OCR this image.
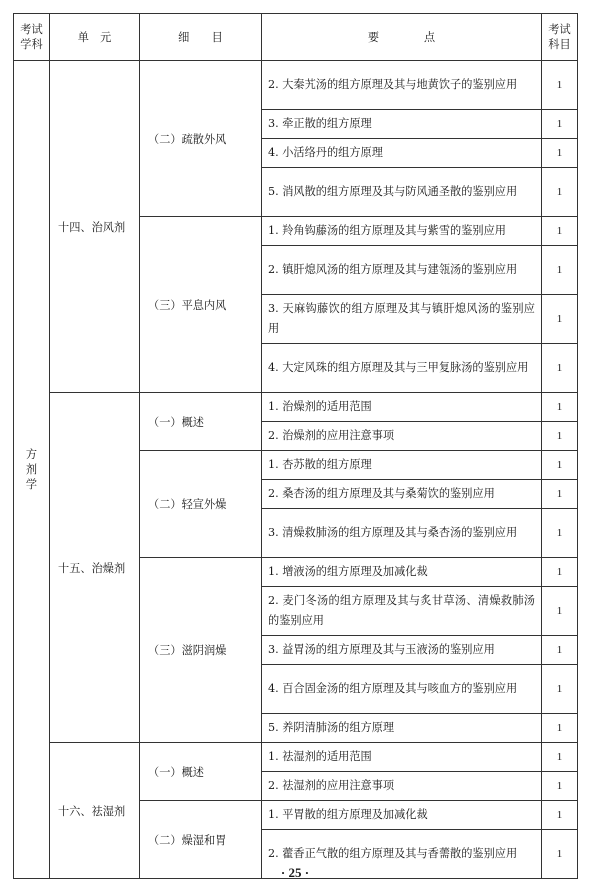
考试学科	单　元	细　　目	要　　　　点	考试科目
方剂学	十四、治风剂	（二）疏散外风	2. 大秦艽汤的组方原理及其与地黄饮子的鉴别应用	1
			3. 牵正散的组方原理	1
			4. 小活络丹的组方原理	1
			5. 消风散的组方原理及其与防风通圣散的鉴别应用	1
		（三）平息内风	1. 羚角钩藤汤的组方原理及其与紫雪的鉴别应用	1
			2. 镇肝熄风汤的组方原理及其与建瓴汤的鉴别应用	1
			3. 天麻钩藤饮的组方原理及其与镇肝熄风汤的鉴别应用	1
			4. 大定风珠的组方原理及其与三甲复脉汤的鉴别应用	1
	十五、治燥剂	（一）概述	1. 治燥剂的适用范围	1
			2. 治燥剂的应用注意事项	1
		（二）轻宣外燥	1. 杏苏散的组方原理	1
			2. 桑杏汤的组方原理及其与桑菊饮的鉴别应用	1
			3. 清燥救肺汤的组方原理及其与桑杏汤的鉴别应用	1
		（三）滋阴润燥	1. 增液汤的组方原理及加减化裁	1
			2. 麦门冬汤的组方原理及其与炙甘草汤、清燥救肺汤的鉴别应用	1
			3. 益胃汤的组方原理及其与玉液汤的鉴别应用	1
			4. 百合固金汤的组方原理及其与咳血方的鉴别应用	1
			5. 养阴清肺汤的组方原理	1
	十六、祛湿剂	（一）概述	1. 祛湿剂的适用范围	1
			2. 祛湿剂的应用注意事项	1
		（二）燥湿和胃	1. 平胃散的组方原理及加减化裁	1
			2. 藿香正气散的组方原理及其与香薷散的鉴别应用	1
· 25 ·
